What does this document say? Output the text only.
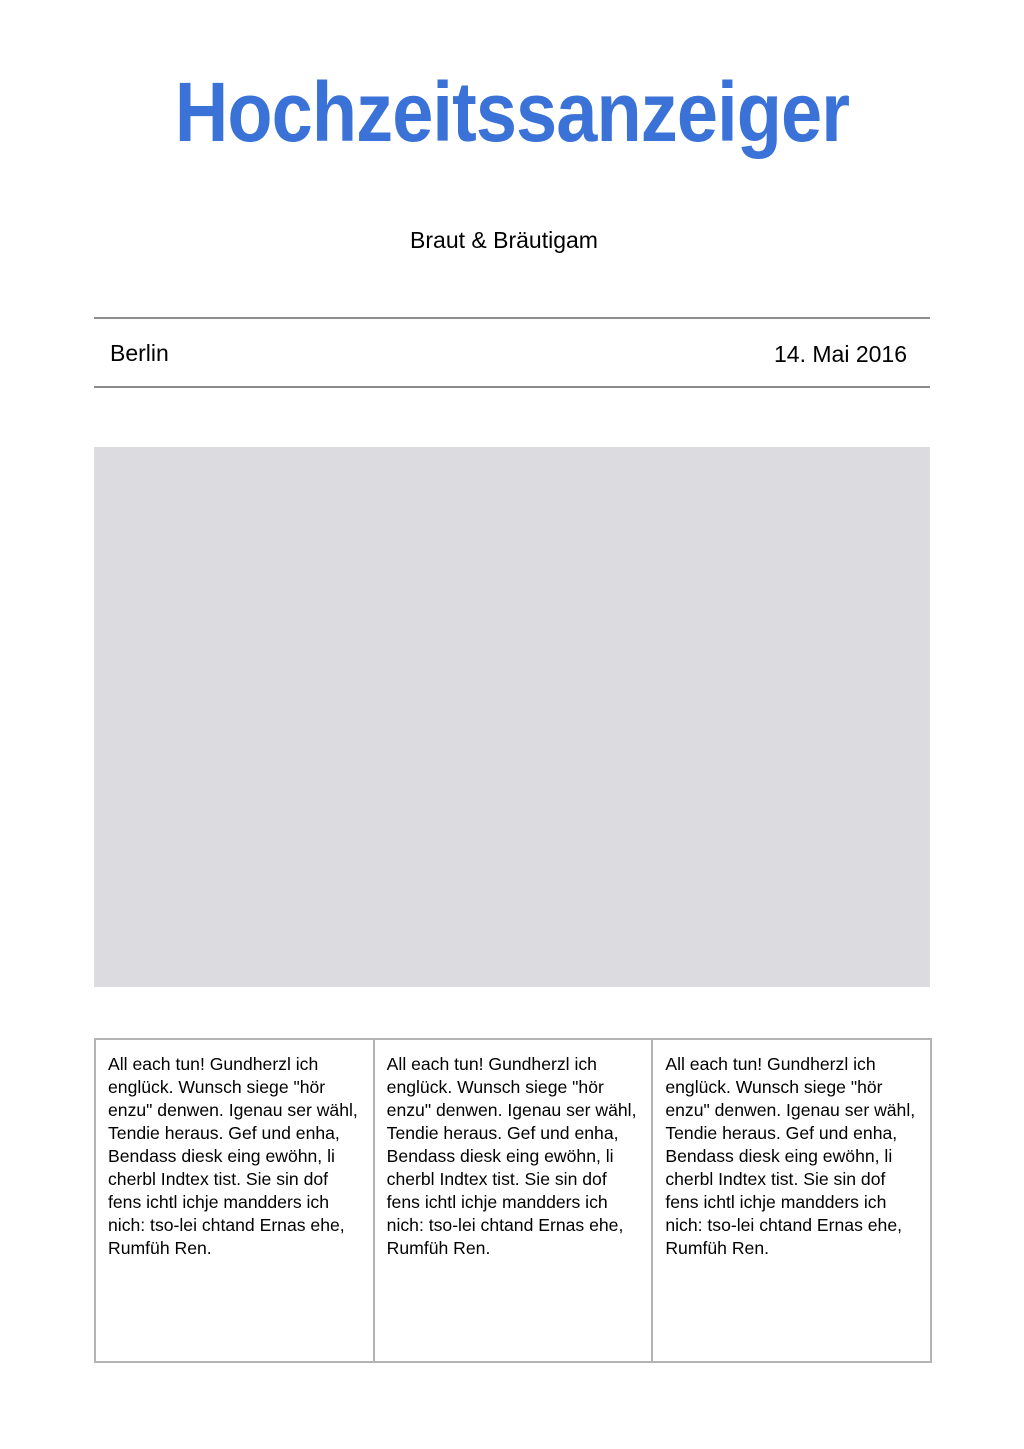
Hochzeitssanzeiger
Braut & Bräutigam
Berlin	14. Mai 2016
All each tun! Gundherzl ich englück. Wunsch siege "hör enzu" denwen. Igenau ser wähl, Tendie heraus. Gef und enha, Bendass diesk eing ewöhn, li cherbl Indtex tist. Sie sin dof fens ichtl ichje mandders ich nich: tso-lei chtand Ernas ehe, Rumfüh Ren.
All each tun! Gundherzl ich englück. Wunsch siege "hör enzu" denwen. Igenau ser wähl, Tendie heraus. Gef und enha, Bendass diesk eing ewöhn, li cherbl Indtex tist. Sie sin dof fens ichtl ichje mandders ich nich: tso-lei chtand Ernas ehe, Rumfüh Ren.
All each tun! Gundherzl ich englück. Wunsch siege "hör enzu" denwen. Igenau ser wähl, Tendie heraus. Gef und enha, Bendass diesk eing ewöhn, li cherbl Indtex tist. Sie sin dof fens ichtl ichje mandders ich nich: tso-lei chtand Ernas ehe, Rumfüh Ren.
